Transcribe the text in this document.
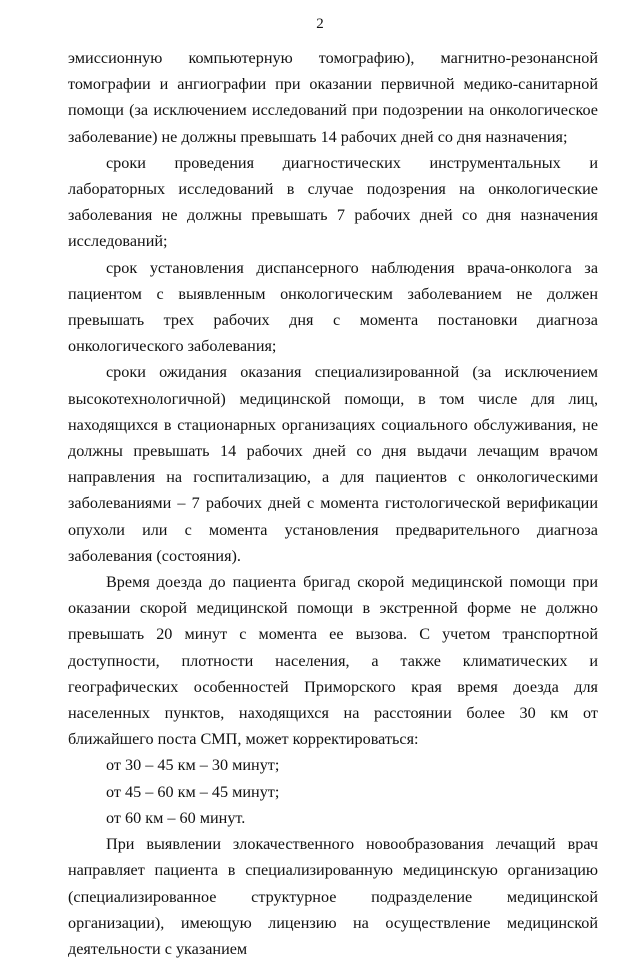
2

эмиссионную компьютерную томографию), магнитно-резонансной томографии и ангиографии при оказании первичной медико-санитарной помощи (за исключением исследований при подозрении на онкологическое заболевание) не должны превышать 14 рабочих дней со дня назначения;

сроки проведения диагностических инструментальных и лабораторных исследований в случае подозрения на онкологические заболевания не должны превышать 7 рабочих дней со дня назначения исследований;

срок установления диспансерного наблюдения врача-онколога за пациентом с выявленным онкологическим заболеванием не должен превышать трех рабочих дня с момента постановки диагноза онкологического заболевания;

сроки ожидания оказания специализированной (за исключением высокотехнологичной) медицинской помощи, в том числе для лиц, находящихся в стационарных организациях социального обслуживания, не должны превышать 14 рабочих дней со дня выдачи лечащим врачом направления на госпитализацию, а для пациентов с онкологическими заболеваниями – 7 рабочих дней с момента гистологической верификации опухоли или с момента установления предварительного диагноза заболевания (состояния).

Время доезда до пациента бригад скорой медицинской помощи при оказании скорой медицинской помощи в экстренной форме не должно превышать 20 минут с момента ее вызова. С учетом транспортной доступности, плотности населения, а также климатических и географических особенностей Приморского края время доезда для населенных пунктов, находящихся на расстоянии более 30 км от ближайшего поста СМП, может корректироваться:

от 30 – 45 км – 30 минут;

от 45 – 60 км – 45 минут;

от 60 км – 60 минут.

При выявлении злокачественного новообразования лечащий врач направляет пациента в специализированную медицинскую организацию (специализированное структурное подразделение медицинской организации), имеющую лицензию на осуществление медицинской деятельности с указанием
